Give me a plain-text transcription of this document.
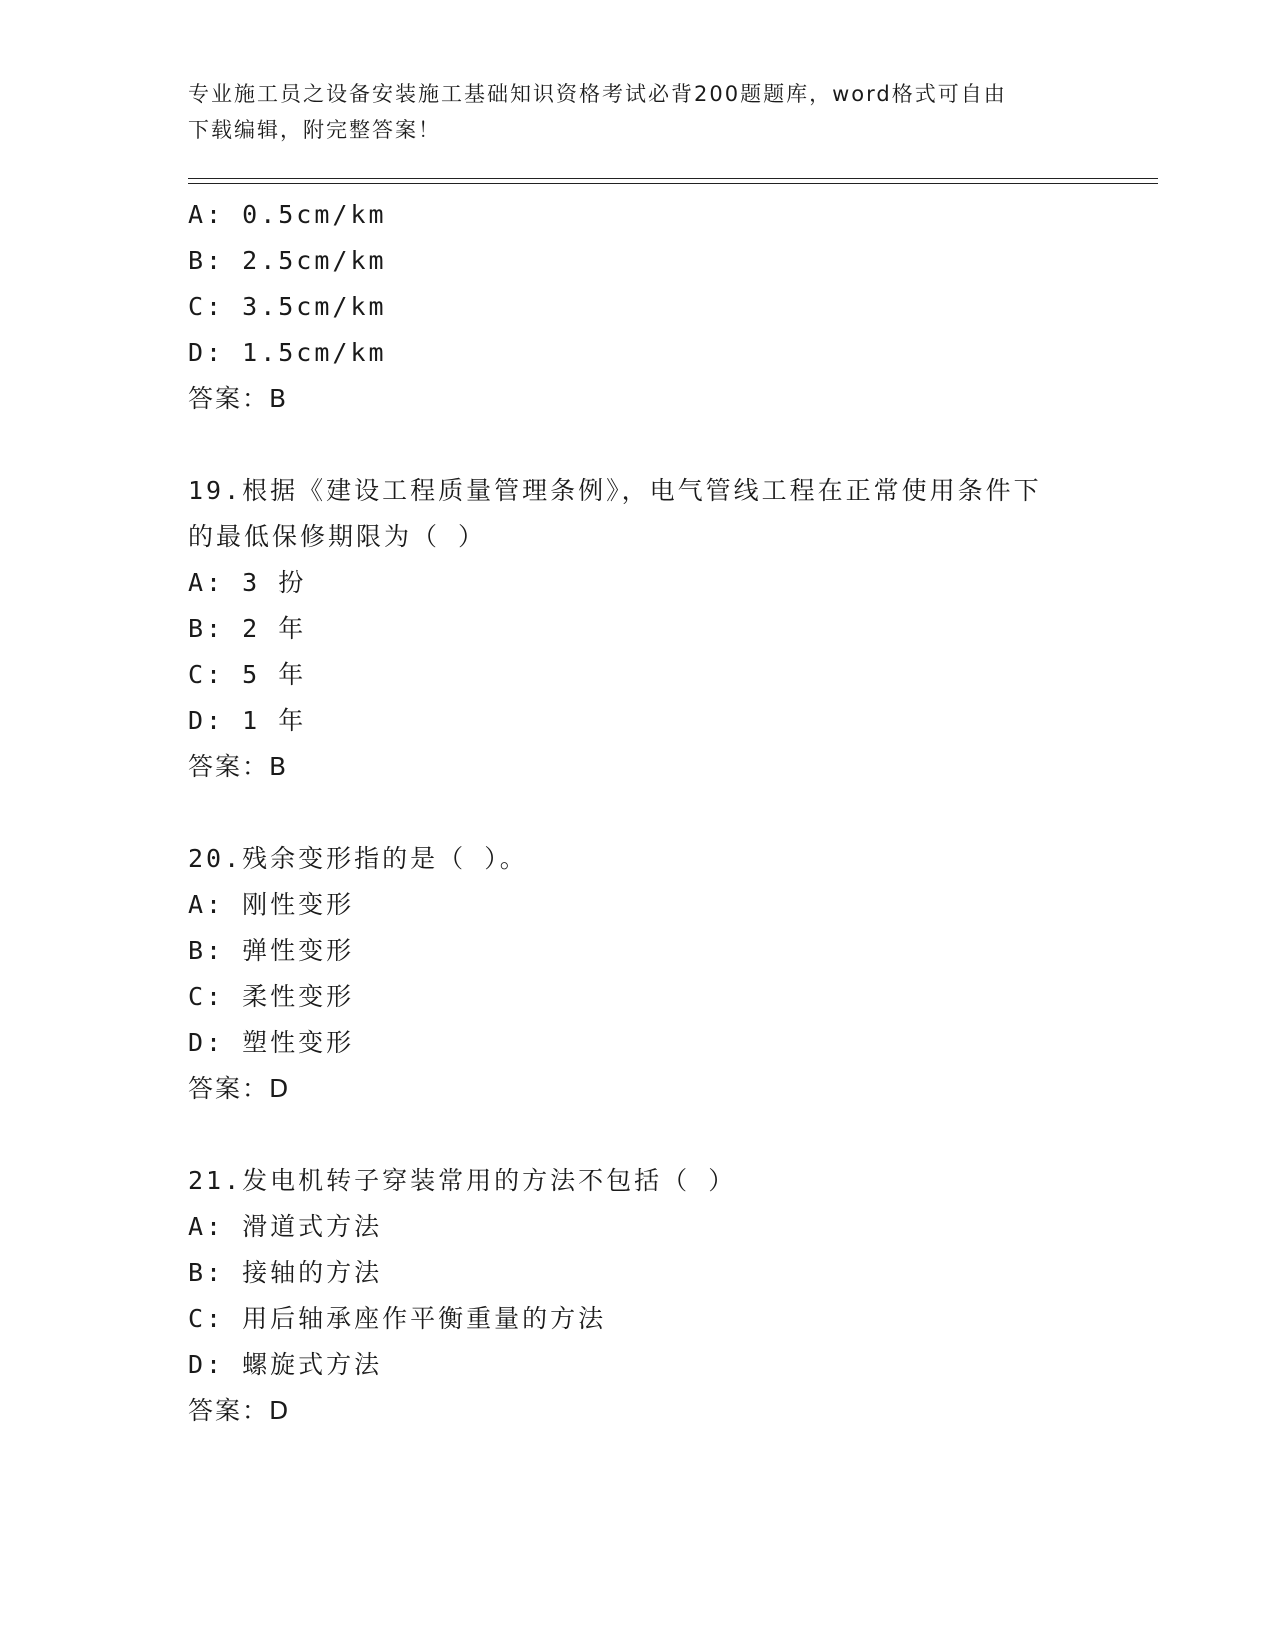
专业施工员之设备安装施工基础知识资格考试必背200题题库，word格式可自由
下载编辑，附完整答案！
A: 0.5cm/km
B: 2.5cm/km
C: 3.5cm/km
D: 1.5cm/km
答案：B
19.根据《建设工程质量管理条例》，电气管线工程在正常使用条件下
的最低保修期限为（ ）
A: 3 扮
B: 2 年
C: 5 年
D: 1 年
答案：B
20.残余变形指的是（ ）。
A: 刚性变形
B: 弹性变形
C: 柔性变形
D: 塑性变形
答案：D
21.发电机转子穿装常用的方法不包括（ ）
A: 滑道式方法
B: 接轴的方法
C: 用后轴承座作平衡重量的方法
D: 螺旋式方法
答案：D
